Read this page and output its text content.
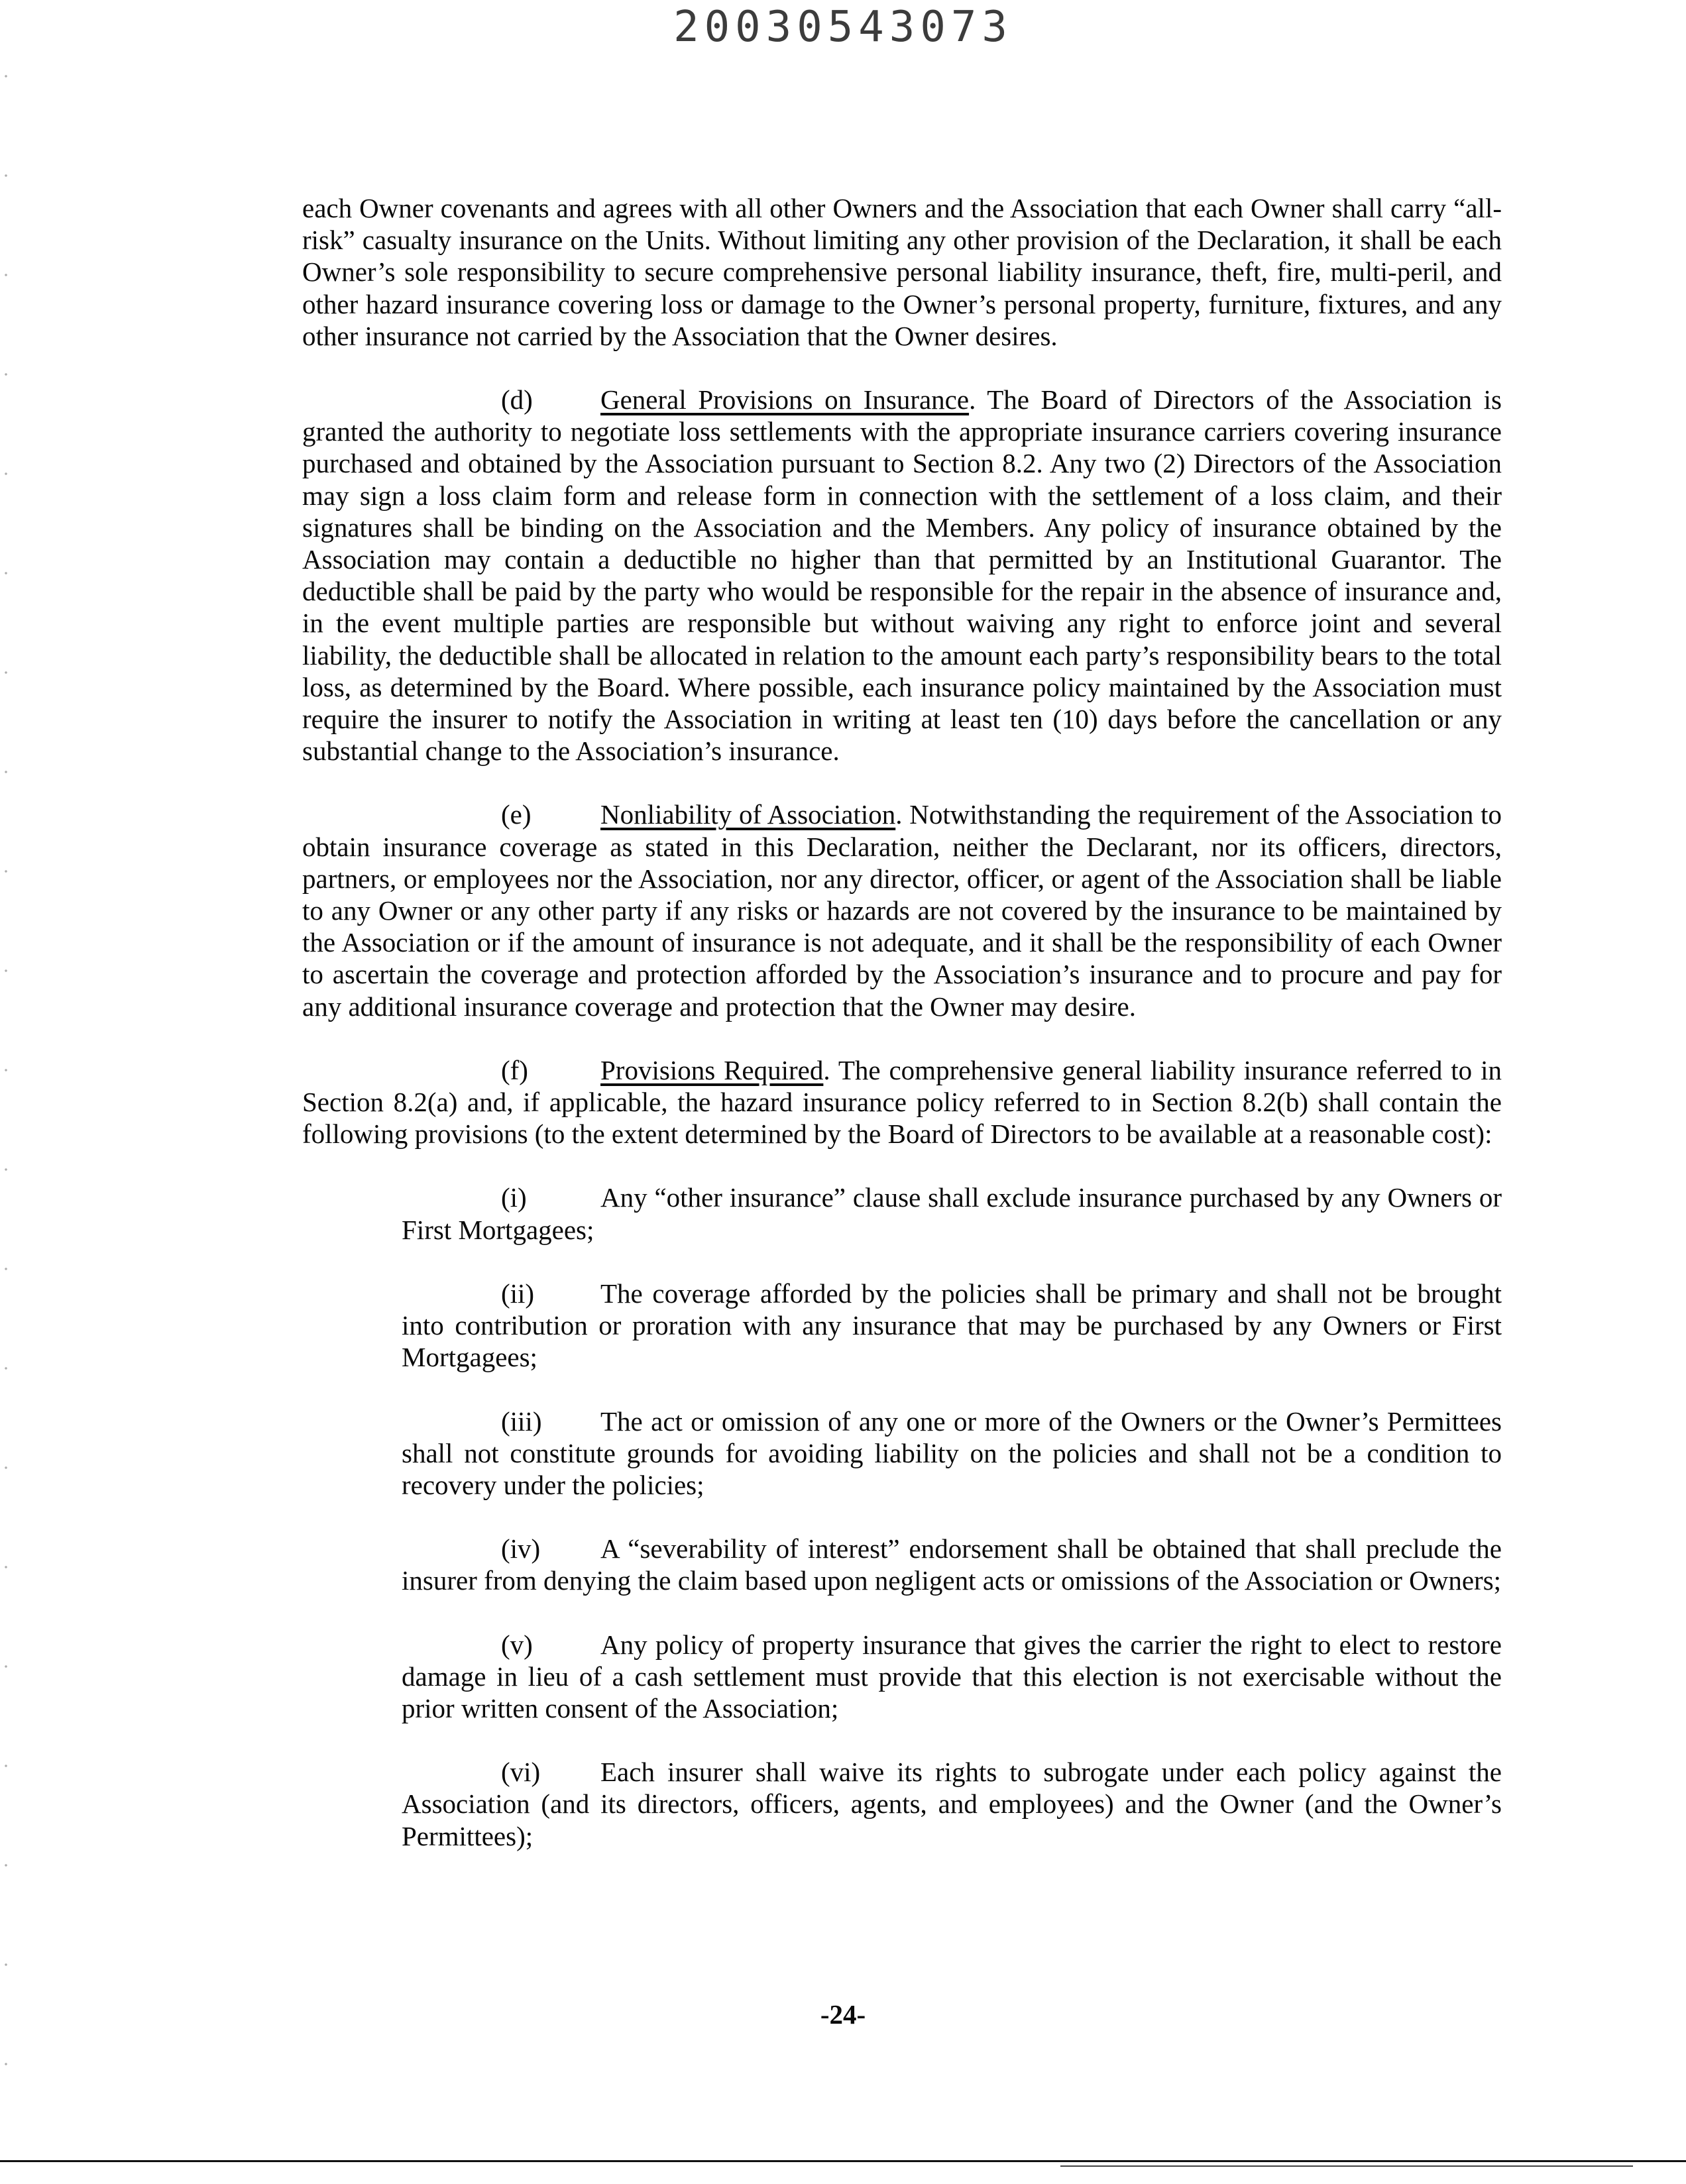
20030543073

each Owner covenants and agrees with all other Owners and the Association that each Owner shall carry “all-risk” casualty insurance on the Units. Without limiting any other provision of the Declaration, it shall be each Owner’s sole responsibility to secure comprehensive personal liability insurance, theft, fire, multi-peril, and other hazard insurance covering loss or damage to the Owner’s personal property, furniture, fixtures, and any other insurance not carried by the Association that the Owner desires.

(d) General Provisions on Insurance. The Board of Directors of the Association is granted the authority to negotiate loss settlements with the appropriate insurance carriers covering insurance purchased and obtained by the Association pursuant to Section 8.2. Any two (2) Directors of the Association may sign a loss claim form and release form in connection with the settlement of a loss claim, and their signatures shall be binding on the Association and the Members. Any policy of insurance obtained by the Association may contain a deductible no higher than that permitted by an Institutional Guarantor. The deductible shall be paid by the party who would be responsible for the repair in the absence of insurance and, in the event multiple parties are responsible but without waiving any right to enforce joint and several liability, the deductible shall be allocated in relation to the amount each party’s responsibility bears to the total loss, as determined by the Board. Where possible, each insurance policy maintained by the Association must require the insurer to notify the Association in writing at least ten (10) days before the cancellation or any substantial change to the Association’s insurance.

(e)	Nonliability of Association. Notwithstanding the requirement of the Association to obtain insurance coverage as stated in this Declaration, neither the Declarant, nor its officers, directors, partners, or employees nor the Association, nor any director, officer, or agent of the Association shall be liable to any Owner or any other party if any risks or hazards are not covered by the insurance to be maintained by the Association or if the amount of insurance is not adequate, and it shall be the responsibility of each Owner to ascertain the coverage and protection afforded by the Association’s insurance and to procure and pay for any additional insurance coverage and protection that the Owner may desire.

(f)	Provisions Required. The comprehensive general liability insurance referred to in Section 8.2(a) and, if applicable, the hazard insurance policy referred to in Section 8.2(b) shall contain the following provisions (to the extent determined by the Board of Directors to be available at a reasonable cost):

(i)	Any “other insurance” clause shall exclude insurance purchased by any Owners or First Mortgagees;

(ii) The coverage afforded by the policies shall be primary and shall not be brought into contribution or proration with any insurance that may be purchased by any Owners or First Mortgagees;

(iii) The act or omission of any one or more of the Owners or the Owner’s Permittees shall not constitute grounds for avoiding liability on the policies and shall not be a condition to recovery under the policies;

(iv) A “severability of interest” endorsement shall be obtained that shall preclude the insurer from denying the claim based upon negligent acts or omissions of the Association or Owners;

(v) Any policy of property insurance that gives the carrier the right to elect to restore damage in lieu of a cash settlement must provide that this election is not exercisable without the prior written consent of the Association;

(vi) Each insurer shall waive its rights to subrogate under each policy against the Association (and its directors, officers, agents, and employees) and the Owner (and the Owner’s Permittees);

-24-
